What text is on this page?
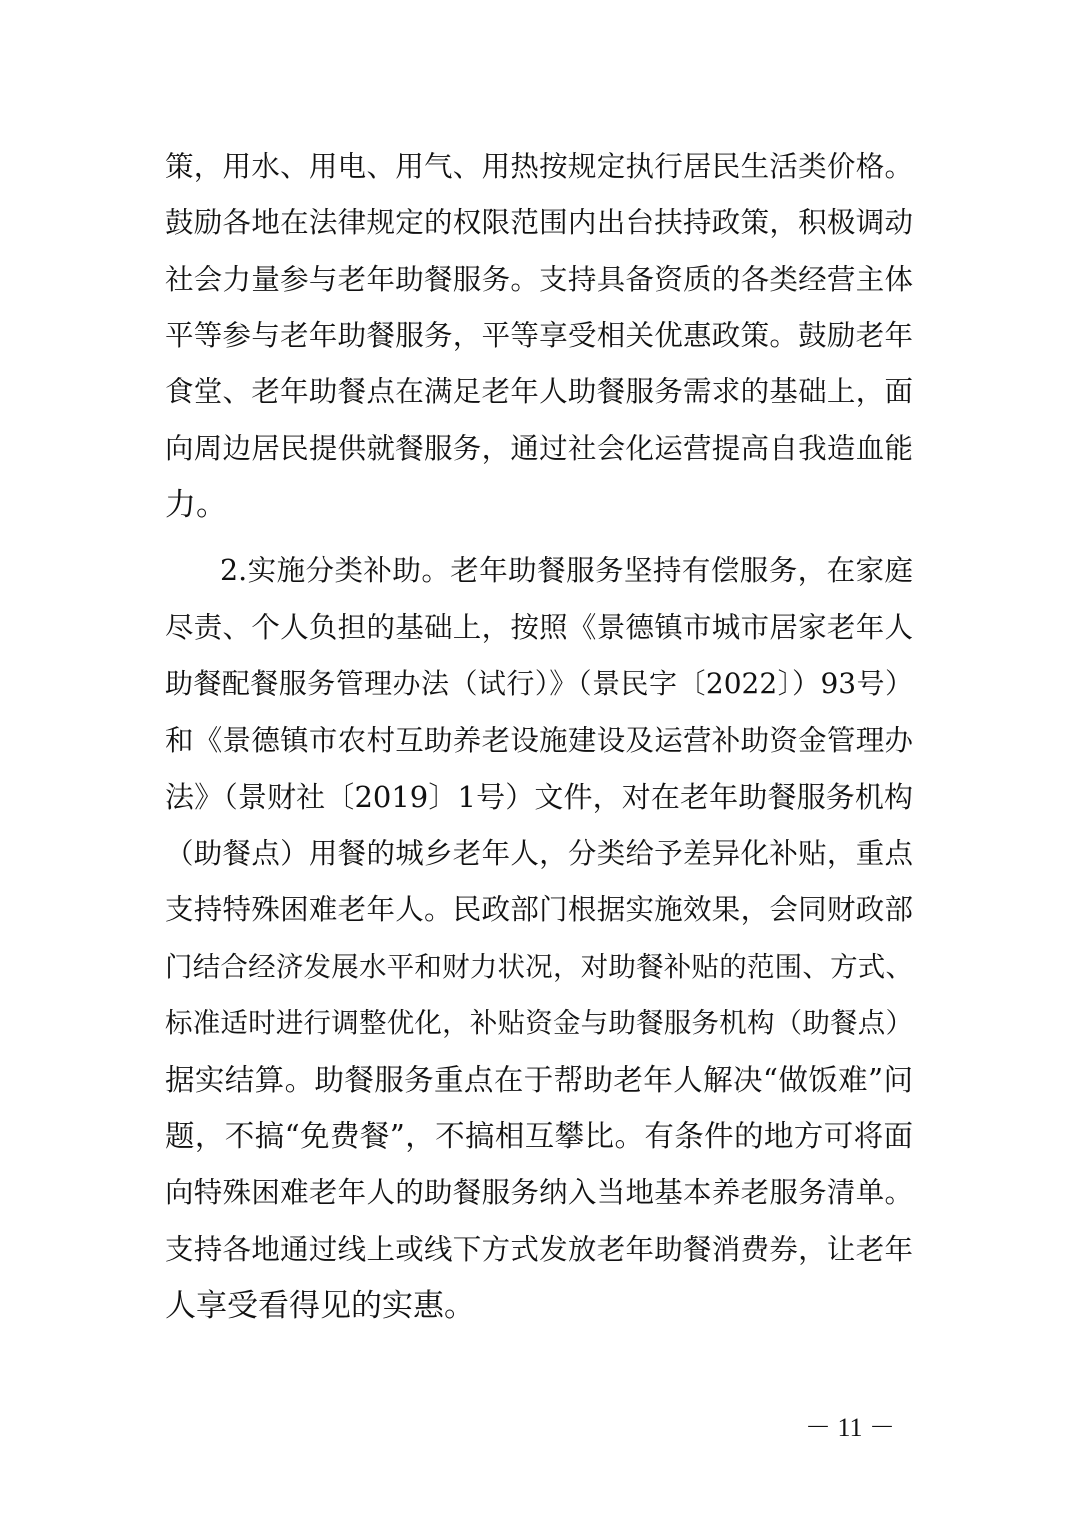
策，用水、用电、用气、用热按规定执行居民生活类价格。
鼓励各地在法律规定的权限范围内出台扶持政策，积极调动
社会力量参与老年助餐服务。支持具备资质的各类经营主体
平等参与老年助餐服务，平等享受相关优惠政策。鼓励老年
食堂、老年助餐点在满足老年人助餐服务需求的基础上，面
向周边居民提供就餐服务，通过社会化运营提高自我造血能
力。
2.实施分类补助。老年助餐服务坚持有偿服务，在家庭
尽责、个人负担的基础上，按照《景德镇市城市居家老年人
助餐配餐服务管理办法（试行）》（景民字〔2022〕）93号）
和《景德镇市农村互助养老设施建设及运营补助资金管理办
法》（景财社〔2019〕1号）文件，对在老年助餐服务机构
（助餐点）用餐的城乡老年人，分类给予差异化补贴，重点
支持特殊困难老年人。民政部门根据实施效果，会同财政部
门结合经济发展水平和财力状况，对助餐补贴的范围、方式、
标准适时进行调整优化，补贴资金与助餐服务机构（助餐点）
据实结算。助餐服务重点在于帮助老年人解决“做饭难”问
题，不搞“免费餐”，不搞相互攀比。有条件的地方可将面
向特殊困难老年人的助餐服务纳入当地基本养老服务清单。
支持各地通过线上或线下方式发放老年助餐消费券，让老年
人享受看得见的实惠。
－ 11 －
